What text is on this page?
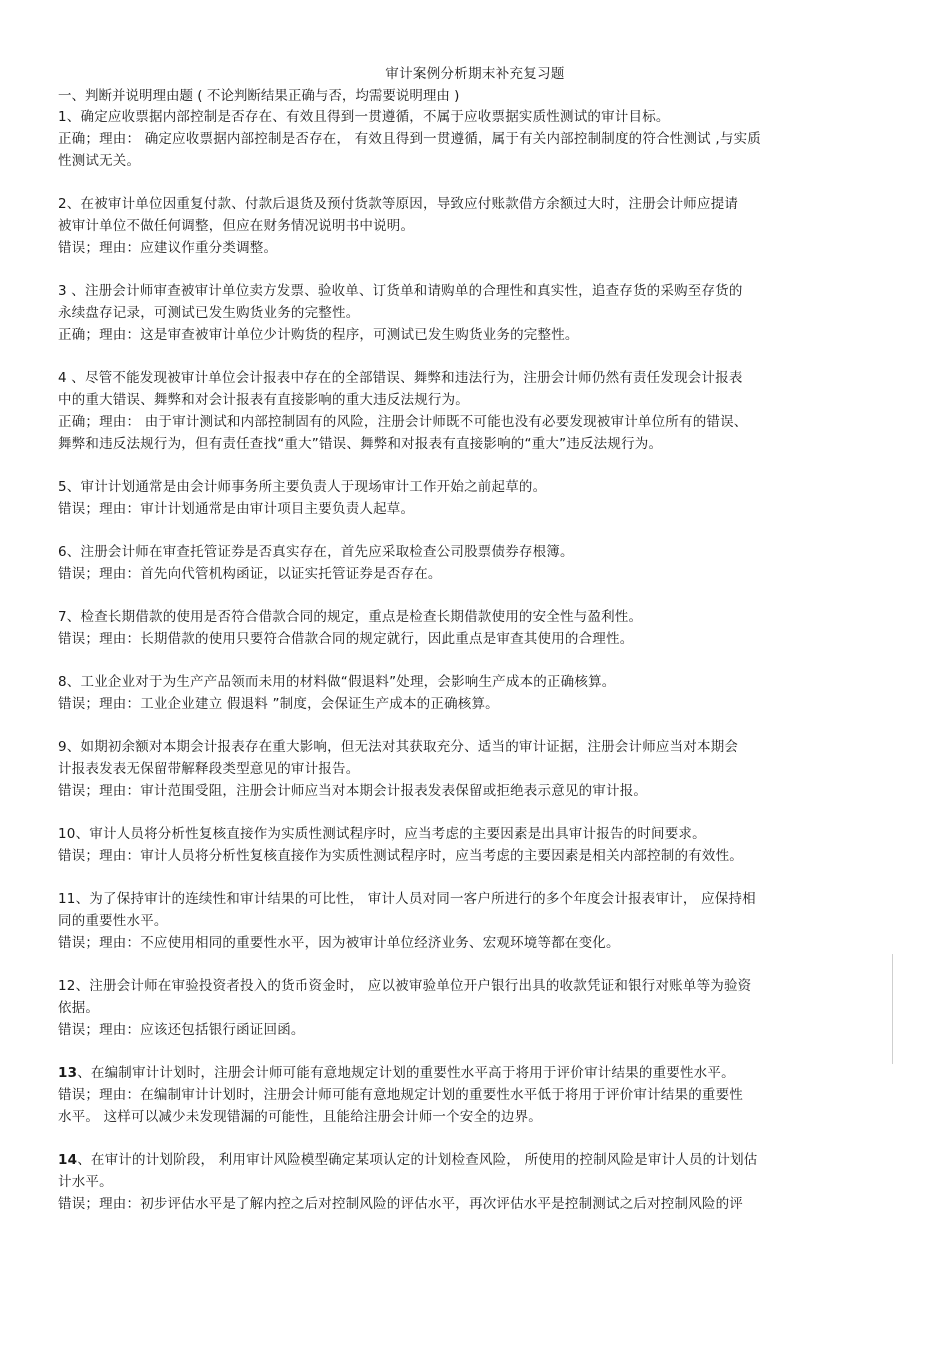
审计案例分析期末补充复习题
一、判断并说明理由题 ( 不论判断结果正确与否，均需要说明理由 )
1、确定应收票据内部控制是否存在、有效且得到一贯遵循，不属于应收票据实质性测试的审计目标。
正确；理由： 确定应收票据内部控制是否存在， 有效且得到一贯遵循，属于有关内部控制制度的符合性测试 ,与实质
性测试无关。
2、在被审计单位因重复付款、付款后退货及预付货款等原因，导致应付账款借方余额过大时，注册会计师应提请
被审计单位不做任何调整，但应在财务情况说明书中说明。
错误；理由：应建议作重分类调整。
3 、注册会计师审查被审计单位卖方发票、验收单、订货单和请购单的合理性和真实性，追查存货的采购至存货的
永续盘存记录，可测试已发生购货业务的完整性。
正确；理由：这是审查被审计单位少计购货的程序，可测试已发生购货业务的完整性。
4 、尽管不能发现被审计单位会计报表中存在的全部错误、舞弊和违法行为，注册会计师仍然有责任发现会计报表
中的重大错误、舞弊和对会计报表有直接影响的重大违反法规行为。
正确；理由： 由于审计测试和内部控制固有的风险，注册会计师既不可能也没有必要发现被审计单位所有的错误、
舞弊和违反法规行为，但有责任查找“重大”错误、舞弊和对报表有直接影响的“重大”违反法规行为。
5、审计计划通常是由会计师事务所主要负责人于现场审计工作开始之前起草的。
错误；理由：审计计划通常是由审计项目主要负责人起草。
6、注册会计师在审查托管证券是否真实存在，首先应采取检查公司股票债券存根簿。
错误；理由：首先向代管机构函证，以证实托管证券是否存在。
7、检查长期借款的使用是否符合借款合同的规定，重点是检查长期借款使用的安全性与盈利性。
错误；理由：长期借款的使用只要符合借款合同的规定就行，因此重点是审查其使用的合理性。
8、工业企业对于为生产产品领而未用的材料做“假退料”处理，会影响生产成本的正确核算。
错误；理由：工业企业建立 假退料 ”制度，会保证生产成本的正确核算。
9、如期初余额对本期会计报表存在重大影响，但无法对其获取充分、适当的审计证据，注册会计师应当对本期会
计报表发表无保留带解释段类型意见的审计报告。
错误；理由：审计范围受阻，注册会计师应当对本期会计报表发表保留或拒绝表示意见的审计报。
10、审计人员将分析性复核直接作为实质性测试程序时，应当考虑的主要因素是出具审计报告的时间要求。
错误；理由：审计人员将分析性复核直接作为实质性测试程序时，应当考虑的主要因素是相关内部控制的有效性。
11、为了保持审计的连续性和审计结果的可比性， 审计人员对同一客户所进行的多个年度会计报表审计， 应保持相
同的重要性水平。
错误；理由：不应使用相同的重要性水平，因为被审计单位经济业务、宏观环境等都在变化。
12、注册会计师在审验投资者投入的货币资金时， 应以被审验单位开户银行出具的收款凭证和银行对账单等为验资
依据。
错误；理由：应该还包括银行函证回函。
13、在编制审计计划时，注册会计师可能有意地规定计划的重要性水平高于将用于评价审计结果的重要性水平。
错误；理由：在编制审计计划时，注册会计师可能有意地规定计划的重要性水平低于将用于评价审计结果的重要性
水平。 这样可以减少未发现错漏的可能性，且能给注册会计师一个安全的边界。
14、在审计的计划阶段， 利用审计风险模型确定某项认定的计划检查风险， 所使用的控制风险是审计人员的计划估
计水平。
错误；理由：初步评估水平是了解内控之后对控制风险的评估水平，再次评估水平是控制测试之后对控制风险的评
